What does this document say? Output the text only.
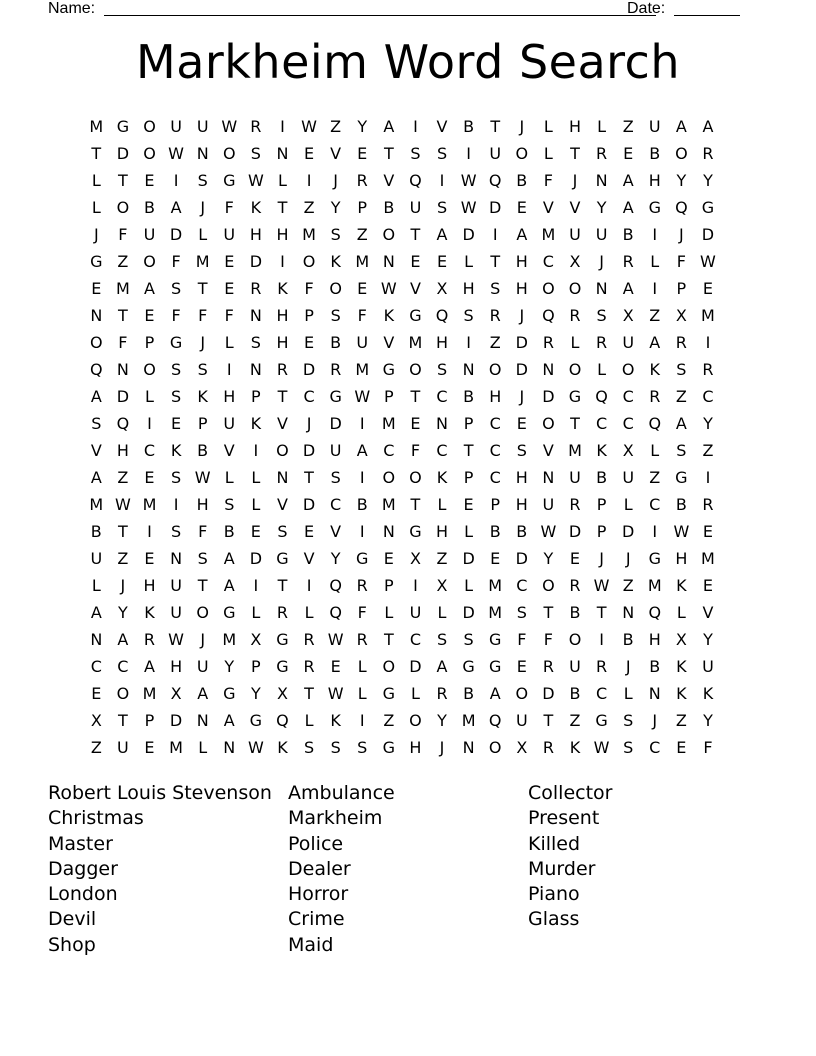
Name:	Date:
Markheim Word Search
M G O U U W R	I	W Z	Y	A	I	V B	T	J	L	H	L	Z U A A
T D O W N O S N E	V	E	T	S	S	I	U O L	T	R E	B O R
L	T	E	I	S G W L	I	J	R V Q	I	W Q B	F	J	N A H Y	Y
L O B A	J	F	K	T	Z	Y	P	B U S W D E	V V	Y	A G Q G
J	F	U D L	U H H M S	Z O T	A D	I	A M U U B	I	J	D
G Z O F M E D	I	O K M N E	E	L	T H C X	J	R	L	F W
E M A	S	T	E R K	F O E W V X H S H O O N A	I	P	E
N T	E	F	F	F	N H P	S	F	K G Q S R	J	Q R S	X Z X M
O F	P G	J	L	S H E	B U V M H	I	Z D R	L	R U A R	I
Q N O S	S	I	N R D R M G O S N O D N O L O K	S R
A D L	S	K H P	T	C G W P	T	C B H	J	D G Q C R Z C
S Q	I	E	P U K V	J	D	I	M E N P	C E O T	C C Q A	Y
V H C K B V	I	O D U A C	F	C	T	C S	V M K X	L	S	Z
A Z	E	S W L	L	N T	S	I	O O K	P	C H N U B U Z G	I
M W M	I	H S	L	V D C B M T	L	E	P H U R	P	L	C B R
B	T	I	S	F	B	E	S	E	V	I	N G H	L	B B W D P D	I	W E
U Z	E N S	A D G V	Y G E	X Z D E D Y	E	J	J	G H M
L	J	H U T	A	I	T	I	Q R	P	I	X	L M C O R W Z M K	E
A	Y	K U O G L	R	L Q F	L	U	L D M S	T	B	T N Q L	V
N A R W	J	M X G R W R	T	C S	S G F	F O	I	B H X	Y
C C A H U Y	P G R E	L O D A G G E R U R	J	B K U
E O M X A G Y	X	T W L G L	R B A O D B C	L	N K	K
X	T	P D N A G Q L	K	I	Z O Y M Q U T	Z G S	J	Z	Y
Z U E M L	N W K	S	S	S G H	J	N O X R K W S C E	F
Robert Louis Stevenson
Christmas
Master
Dagger
London
Devil
Shop
Ambulance
Markheim
Police
Dealer
Horror
Crime
Maid
Collector
Present
Killed
Murder
Piano
Glass
